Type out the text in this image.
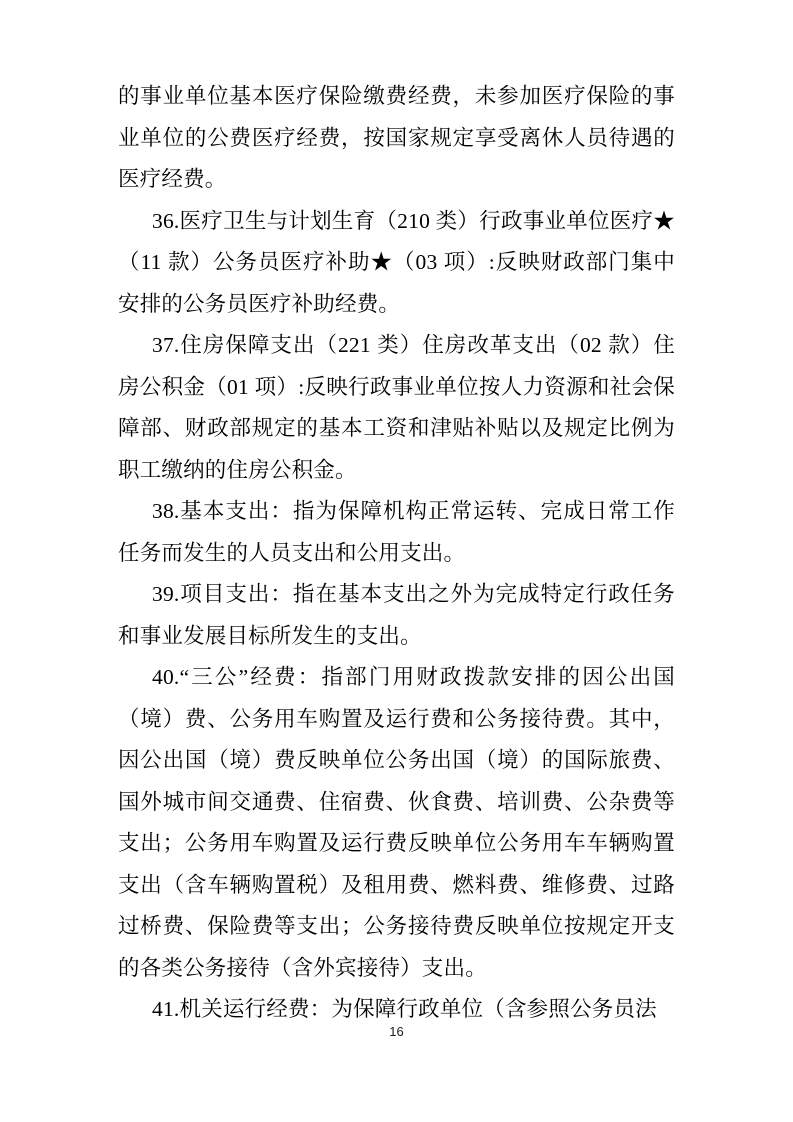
的事业单位基本医疗保险缴费经费，未参加医疗保险的事业单位的公费医疗经费，按国家规定享受离休人员待遇的医疗经费。

36.医疗卫生与计划生育（210 类）行政事业单位医疗★（11 款）公务员医疗补助★（03 项）:反映财政部门集中安排的公务员医疗补助经费。

37.住房保障支出（221 类）住房改革支出（02 款）住房公积金（01 项）:反映行政事业单位按人力资源和社会保障部、财政部规定的基本工资和津贴补贴以及规定比例为职工缴纳的住房公积金。

38.基本支出：指为保障机构正常运转、完成日常工作任务而发生的人员支出和公用支出。

39.项目支出：指在基本支出之外为完成特定行政任务和事业发展目标所发生的支出。

40.“三公”经费：指部门用财政拨款安排的因公出国（境）费、公务用车购置及运行费和公务接待费。其中，因公出国（境）费反映单位公务出国（境）的国际旅费、国外城市间交通费、住宿费、伙食费、培训费、公杂费等支出；公务用车购置及运行费反映单位公务用车车辆购置支出（含车辆购置税）及租用费、燃料费、维修费、过路过桥费、保险费等支出；公务接待费反映单位按规定开支的各类公务接待（含外宾接待）支出。

41.机关运行经费：为保障行政单位（含参照公务员法

16
